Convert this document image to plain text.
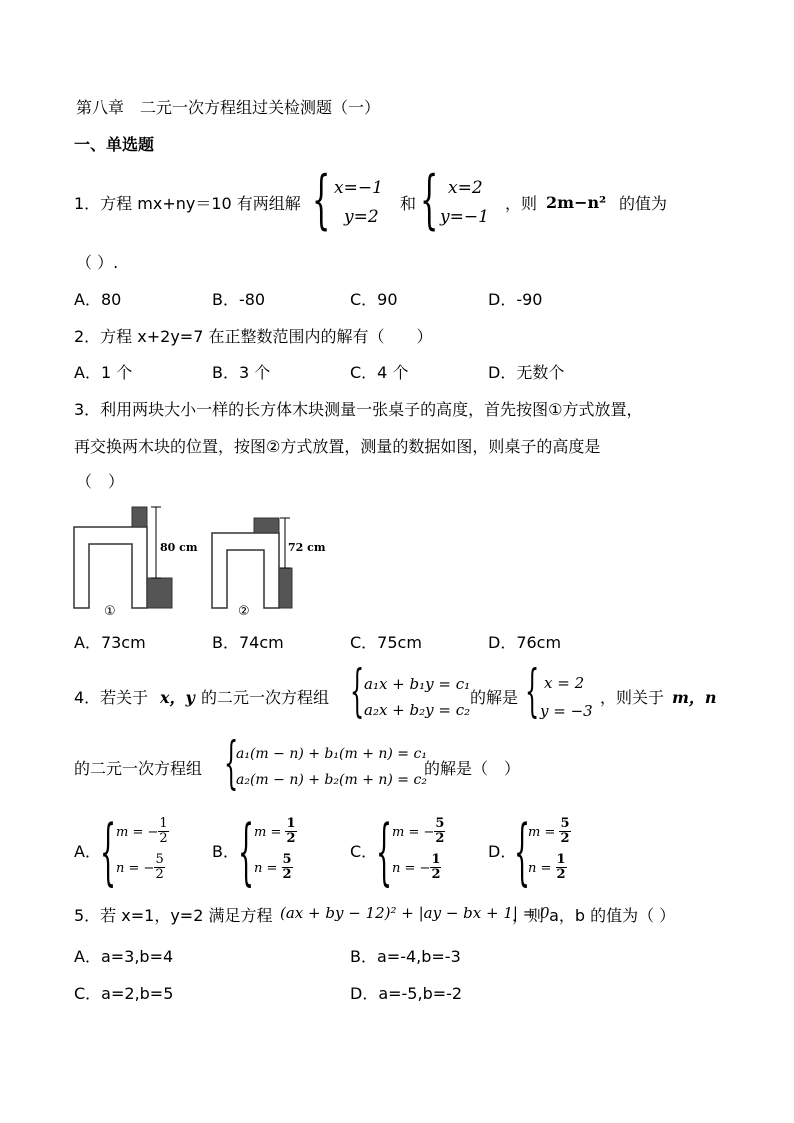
第八章　二元一次方程组过关检测题（一）
一、单选题
1．方程 mx+ny＝10 有两组解 { x=−1
y=2
和 { x=2
y=−1
，则 2m−n² 的值为
（ ）.
A．80	B．-80	C．90	D．-90
2．方程 x+2y=7 在正整数范围内的解有（　　）
A．1 个	B．3 个	C．4 个	D．无数个
3．利用两块大小一样的长方体木块测量一张桌子的高度，首先按图①方式放置，
再交换两木块的位置，按图②方式放置，测量的数据如图，则桌子的高度是
（　）
80 cm
①
72 cm
②
A．73cm	B．74cm	C．75cm	D．76cm
4．若关于 x，y 的二元一次方程组 { a₁x + b₁y = c₁
a₂x + b₂y = c₂
的解是 { x = 2
y = −3
，则关于 m，n
的二元一次方程组 {
a₁(m − n) + b₁(m + n) = c₁
a₂(m − n) + b₂(m + n) = c₂
的解是（　）
A． { m = − $\frac{1}{2}$
n = − $\frac{5}{2}$
B． { $m = \frac{1}{2}$
$n = \frac{5}{2}$
C．
{ m = − $\frac{5}{2}$
n = − $\frac{1}{2}$
D．
{
$m = \frac{5}{2}$
$n = \frac{1}{2}$
5．若 x=1，y=2 满足方程 (ax + by − 12)² + |ay − bx + 1| = 0
，则 a，b 的值为（ ）
A．a=3,b=4	B．a=-4,b=-3
C．a=2,b=5	D．a=-5,b=-2
